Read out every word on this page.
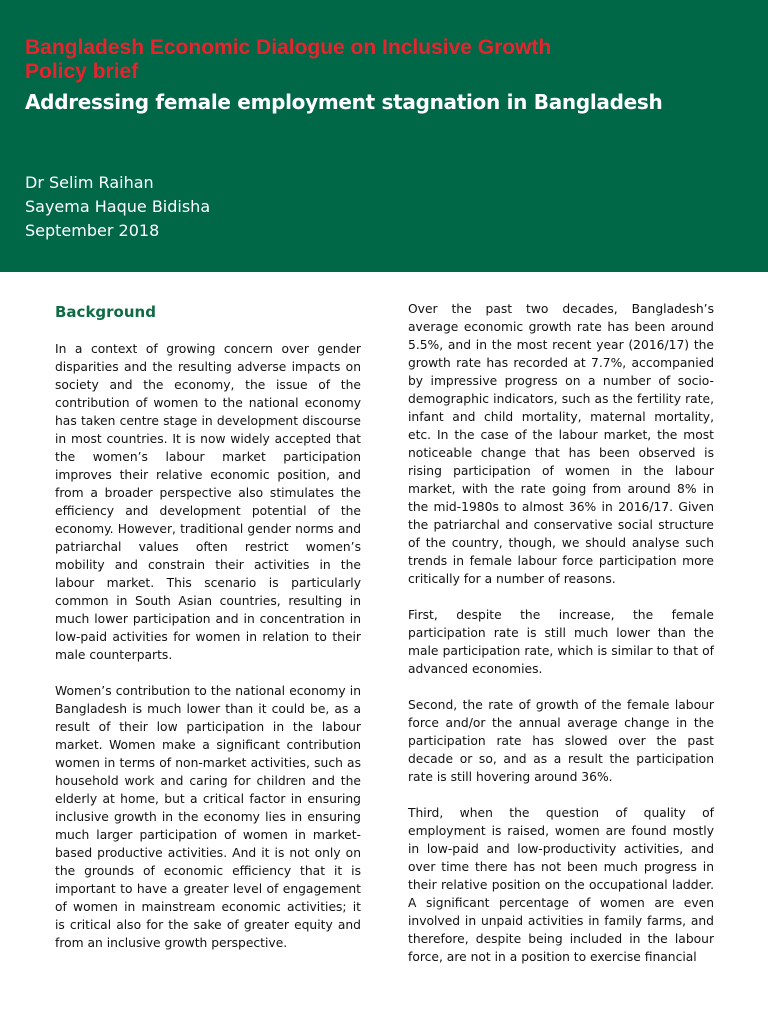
Bangladesh Economic Dialogue on Inclusive Growth
Policy brief
Addressing female employment stagnation in Bangladesh
Dr Selim Raihan
Sayema Haque Bidisha
September 2018
Background

In a context of growing concern over gender disparities and the resulting adverse impacts on society and the economy, the issue of the contribution of women to the national economy has taken centre stage in development discourse in most countries. It is now widely accepted that the women’s labour market participation improves their relative economic position, and from a broader perspective also stimulates the efficiency and development potential of the economy. However, traditional gender norms and patriarchal values often restrict women’s mobility and constrain their activities in the labour market. This scenario is particularly common in South Asian countries, resulting in much lower participation and in concentration in low-paid activities for women in relation to their male counterparts.

Women’s contribution to the national economy in Bangladesh is much lower than it could be, as a result of their low participation in the labour market. Women make a significant contribution women in terms of non-market activities, such as household work and caring for children and the elderly at home, but a critical factor in ensuring inclusive growth in the economy lies in ensuring much larger participation of women in market-based productive activities. And it is not only on the grounds of economic efficiency that it is important to have a greater level of engagement of women in mainstream economic activities; it is critical also for the sake of greater equity and from an inclusive growth perspective.

Over the past two decades, Bangladesh’s average economic growth rate has been around 5.5%, and in the most recent year (2016/17) the growth rate has recorded at 7.7%, accompanied by impressive progress on a number of socio-demographic indicators, such as the fertility rate, infant and child mortality, maternal mortality, etc. In the case of the labour market, the most noticeable change that has been observed is rising participation of women in the labour market, with the rate going from around 8% in the mid-1980s to almost 36% in 2016/17. Given the patriarchal and conservative social structure of the country, though, we should analyse such trends in female labour force participation more critically for a number of reasons.

First, despite the increase, the female participation rate is still much lower than the male participation rate, which is similar to that of advanced economies.

Second, the rate of growth of the female labour force and/or the annual average change in the participation rate has slowed over the past decade or so, and as a result the participation rate is still hovering around 36%.

Third, when the question of quality of employment is raised, women are found mostly in low-paid and low-productivity activities, and over time there has not been much progress in their relative position on the occupational ladder. A significant percentage of women are even involved in unpaid activities in family farms, and therefore, despite being included in the labour force, are not in a position to exercise financial
